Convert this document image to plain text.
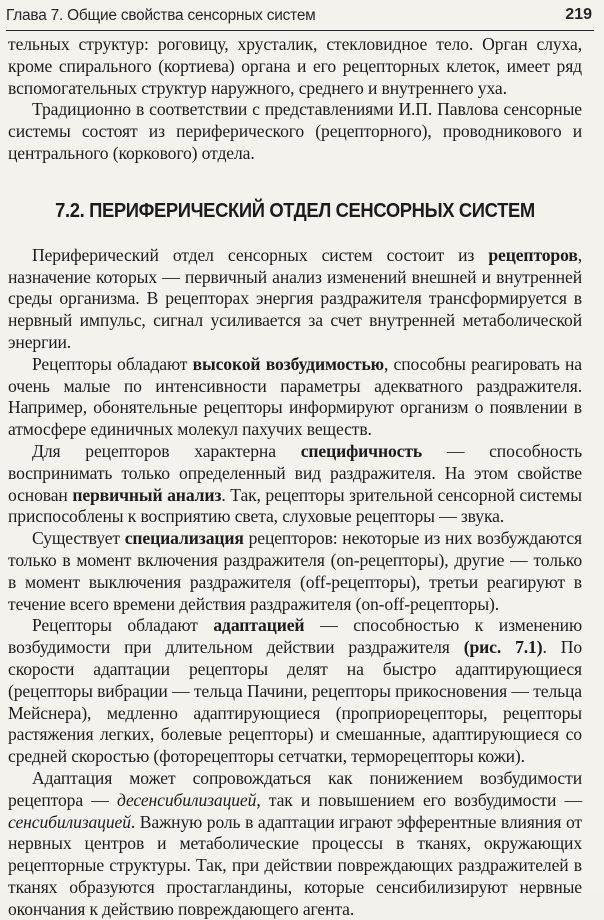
Глава 7. Общие свойства сенсорных систем	219

тельных структур: роговицу, хрусталик, стекловидное тело. Орган слуха, кроме спирального (кортиева) органа и его рецепторных клеток, имеет ряд вспомогательных структур наружного, среднего и внутреннего уха.

Традиционно в соответствии с представлениями И.П. Павлова сенсорные системы состоят из периферического (рецепторного), проводникового и центрального (коркового) отдела.

7.2. ПЕРИФЕРИЧЕСКИЙ ОТДЕЛ СЕНСОРНЫХ СИСТЕМ

Периферический отдел сенсорных систем состоит из рецепторов, назначение которых — первичный анализ изменений внешней и внутренней среды организма. В рецепторах энергия раздражителя трансформируется в нервный импульс, сигнал усиливается за счет внутренней метаболической энергии.

Рецепторы обладают высокой возбудимостью, способны реагировать на очень малые по интенсивности параметры адекватного раздражителя. Например, обонятельные рецепторы информируют организм о появлении в атмосфере единичных молекул пахучих веществ.

Для рецепторов характерна специфичность — способность воспринимать только определенный вид раздражителя. На этом свойстве основан первичный анализ. Так, рецепторы зрительной сенсорной системы приспособлены к восприятию света, слуховые рецепторы — звука.

Существует специализация рецепторов: некоторые из них возбуждаются только в момент включения раздражителя (on-рецепторы), другие — только в момент выключения раздражителя (off-рецепторы), третьи реагируют в течение всего времени действия раздражителя (on-off-рецепторы).

Рецепторы обладают адаптацией — способностью к изменению возбудимости при длительном действии раздражителя (рис. 7.1). По скорости адаптации рецепторы делят на быстро адаптирующиеся (рецепторы вибрации — тельца Пачини, рецепторы прикосновения — тельца Мейснера), медленно адаптирующиеся (проприорецепторы, рецепторы растяжения легких, болевые рецепторы) и смешанные, адаптирующиеся со средней скоростью (фоторецепторы сетчатки, терморецепторы кожи).

Адаптация может сопровождаться как понижением возбудимости рецептора — десенсибилизацией, так и повышением его возбудимости — сенсибилизацией. Важную роль в адаптации играют эфферентные влияния от нервных центров и метаболические процессы в тканях, окружающих рецепторные структуры. Так, при действии повреждающих раздражителей в тканях образуются простагландины, которые сенсибилизируют нервные окончания к действию повреждающего агента.
